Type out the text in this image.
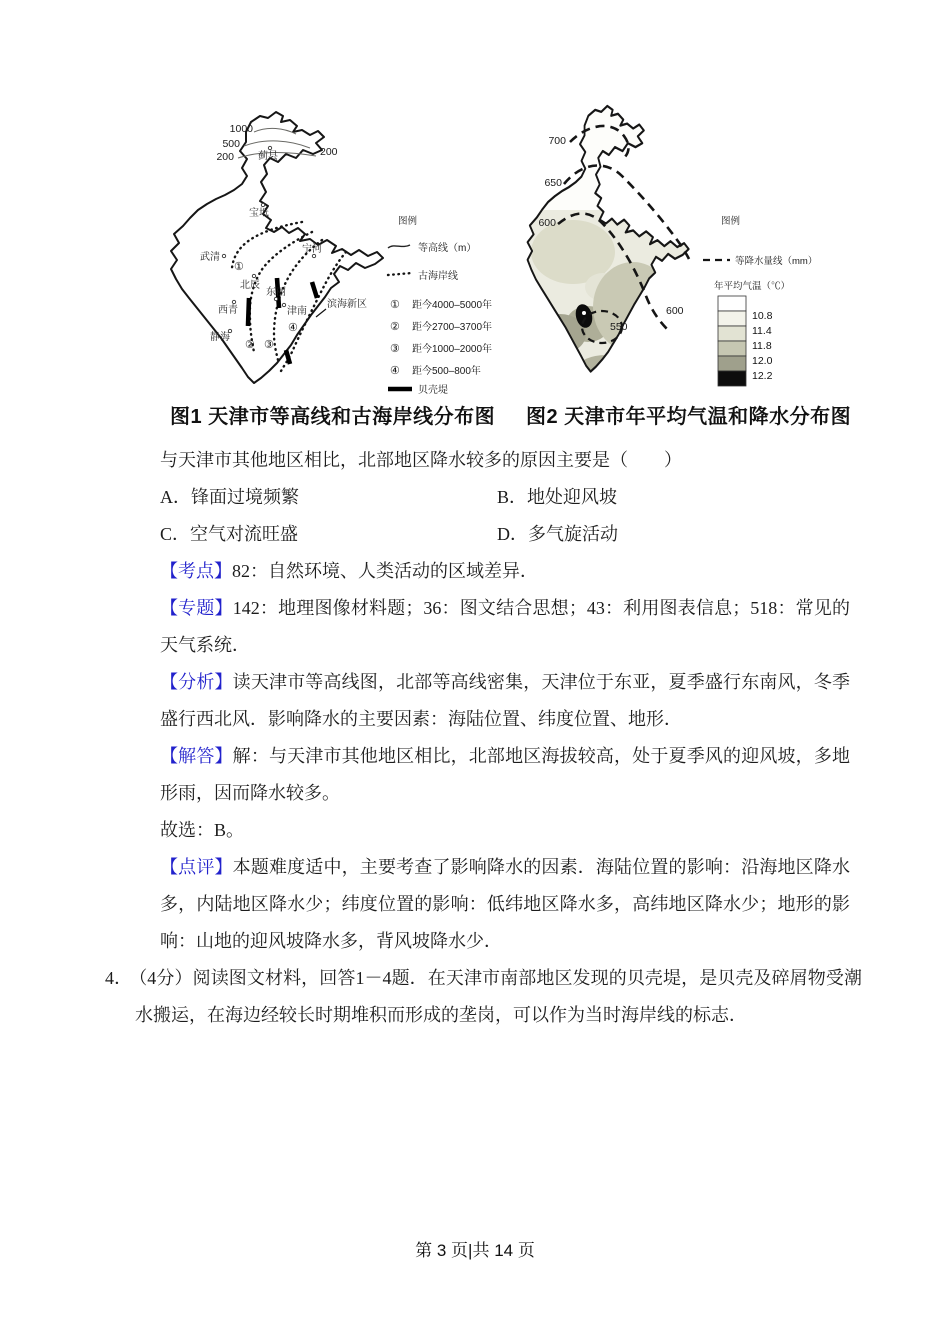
1000
500
200	200
①
② ③
④
蓟县
宝坻
武清
宁河
北辰
东丽
西青	津南
滨海新区
静海
图例
等高线（m）
古海岸线
① 距今4000–5000年
② 距今2700–3700年
③ 距今1000–2000年
④ 距今500–800年
贝壳堤
700
650
600
600
550
图例
等降水量线（mm）
年平均气温（℃）
10.8
11.4
11.8
12.0
12.2
图1 天津市等高线和古海岸线分布图 图2 天津市年平均气温和降水分布图

与天津市其他地区相比，北部地区降水较多的原因主要是（　　）

A．锋面过境频繁	B．地处迎风坡
C．空气对流旺盛	D．多气旋活动

【考点】82：自然环境、人类活动的区域差异．

【专题】142：地理图像材料题；36：图文结合思想；43：利用图表信息；518：常见的天气系统．

【分析】读天津市等高线图，北部等高线密集，天津位于东亚，夏季盛行东南风，冬季盛行西北风．影响降水的主要因素：海陆位置、纬度位置、地形．

【解答】解：与天津市其他地区相比，北部地区海拔较高，处于夏季风的迎风坡，多地形雨，因而降水较多。

故选：B。

【点评】本题难度适中，主要考查了影响降水的因素．海陆位置的影响：沿海地区降水多，内陆地区降水少；纬度位置的影响：低纬地区降水多，高纬地区降水少；地形的影响：山地的迎风坡降水多，背风坡降水少．

4． （4分）阅读图文材料，回答1－4题．在天津市南部地区发现的贝壳堤，是贝壳及碎屑物受潮水搬运，在海边经较长时期堆积而形成的垄岗，可以作为当时海岸线的标志．

第 3 页|共 14 页
